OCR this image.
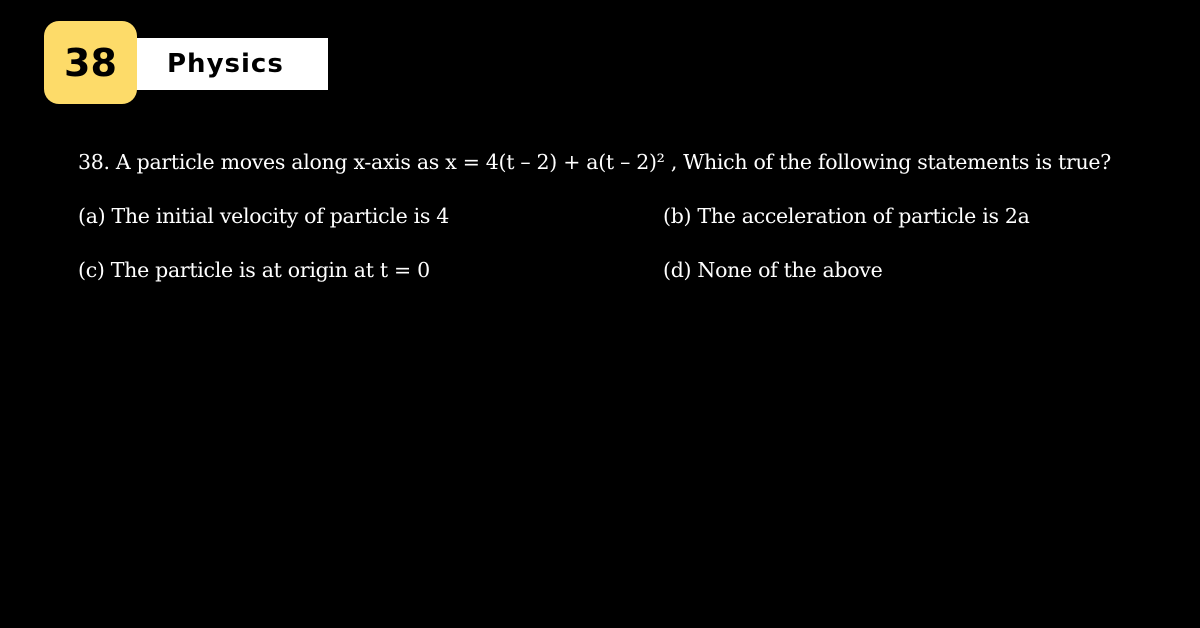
Physics
38
38. A particle moves along x-axis as x = 4(t – 2) + a(t – 2)² , Which of the following statements is true?
(a) The initial velocity of particle is 4	(b) The acceleration of particle is 2a
(c) The particle is at origin at t = 0	(d) None of the above
